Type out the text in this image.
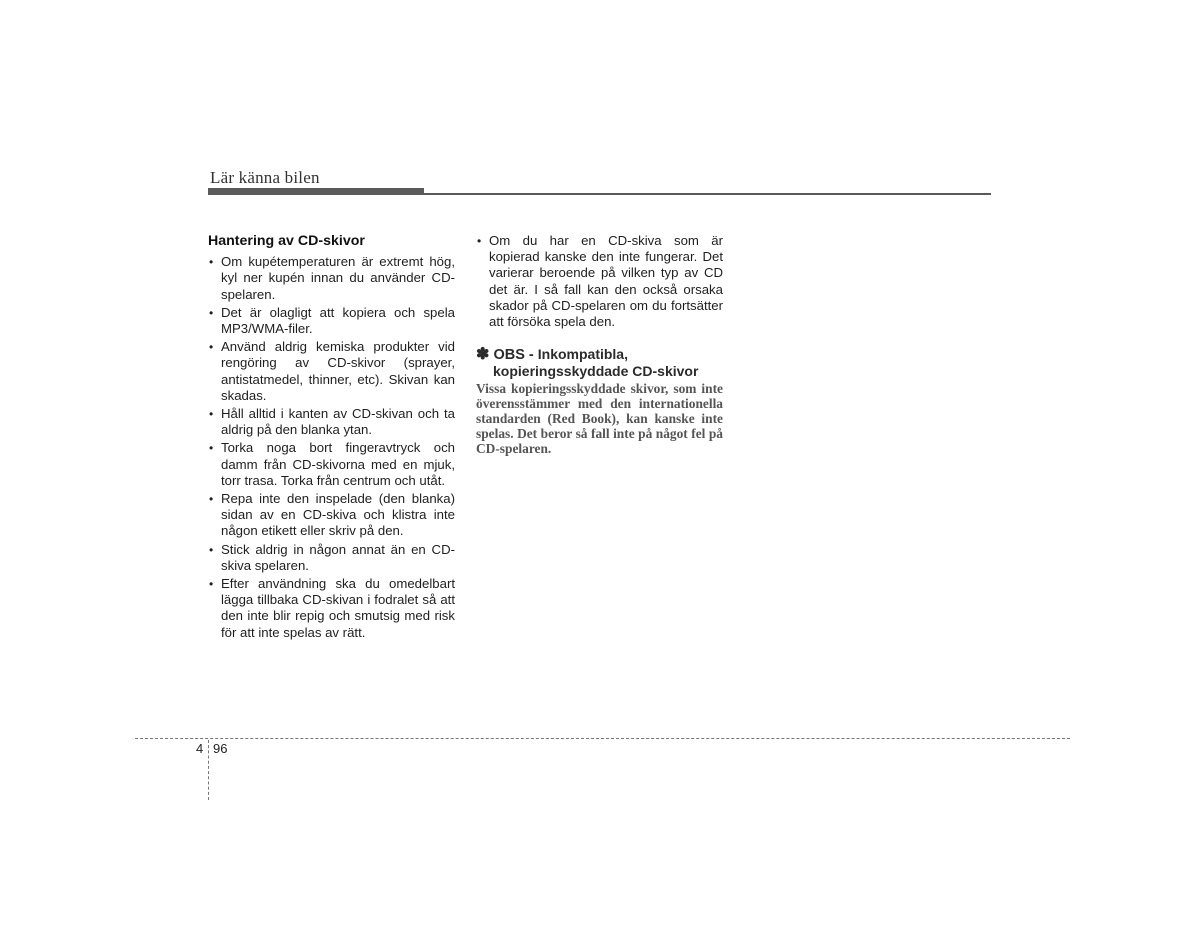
Lär känna bilen
Hantering av CD-skivor
• Om kupétemperaturen är extremt hög, kyl ner kupén innan du använder CD-spelaren.
• Det är olagligt att kopiera och spela MP3/WMA-filer.
• Använd aldrig kemiska produkter vid rengöring av CD-skivor (sprayer, antistatmedel, thinner, etc). Skivan kan skadas.
• Håll alltid i kanten av CD-skivan och ta aldrig på den blanka ytan.
• Torka noga bort fingeravtryck och damm från CD-skivorna med en mjuk, torr trasa. Torka från centrum och utåt.
• Repa inte den inspelade (den blanka) sidan av en CD-skiva och klistra inte någon etikett eller skriv på den.
• Stick aldrig in någon annat än en CD-skiva spelaren.
• Efter användning ska du omedelbart lägga tillbaka CD-skivan i fodralet så att den inte blir repig och smutsig med risk för att inte spelas av rätt.
• Om du har en CD-skiva som är kopierad kanske den inte fungerar. Det varierar beroende på vilken typ av CD det är. I så fall kan den också orsaka skador på CD-spelaren om du fortsätter att försöka spela den.
✽ OBS - Inkompatibla,
kopieringsskyddade CD-skivor
Vissa kopieringsskyddade skivor, som inte överensstämmer med den internationella standarden (Red Book), kan kanske inte spelas. Det beror så fall inte på något fel på CD-spelaren.
4 96
